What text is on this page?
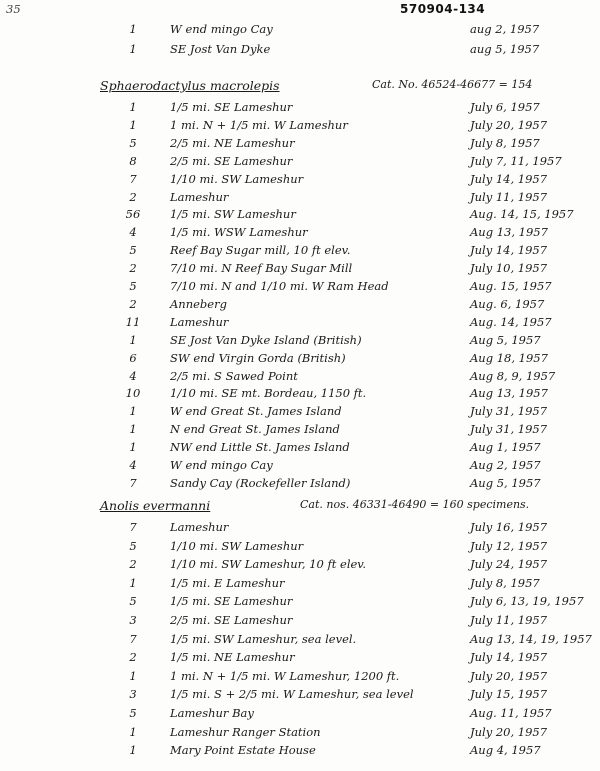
35	570904-134
1	W end mingo Cay	aug 2, 1957
1	SE Jost Van Dyke	aug 5, 1957
Sphaerodactylus macrolepis	Cat. No. 46524-46677 = 154
1	1/5 mi. SE Lameshur	July 6, 1957
1	1 mi. N + 1/5 mi. W Lameshur	July 20, 1957
5	2/5 mi. NE Lameshur	July 8, 1957
8	2/5 mi. SE Lameshur	July 7, 11, 1957
7	1/10 mi. SW Lameshur	July 14, 1957
2	Lameshur	July 11, 1957
56	1/5 mi. SW Lameshur	Aug. 14, 15, 1957
4	1/5 mi. WSW Lameshur	Aug 13, 1957
5	Reef Bay Sugar mill, 10 ft elev.	July 14, 1957
2	7/10 mi. N Reef Bay Sugar Mill	July 10, 1957
5	7/10 mi. N and 1/10 mi. W Ram Head	Aug. 15, 1957
2	Anneberg	Aug. 6, 1957
11	Lameshur	Aug. 14, 1957
1	SE Jost Van Dyke Island (British)	Aug 5, 1957
6	SW end Virgin Gorda (British)	Aug 18, 1957
4	2/5 mi. S Sawed Point	Aug 8, 9, 1957
10	1/10 mi. SE mt. Bordeau, 1150 ft.	Aug 13, 1957
1	W end Great St. James Island	July 31, 1957
1	N end Great St. James Island	July 31, 1957
1	NW end Little St. James Island	Aug 1, 1957
4	W end mingo Cay	Aug 2, 1957
7	Sandy Cay (Rockefeller Island)	Aug 5, 1957
Anolis evermanni	Cat. nos. 46331-46490 = 160 specimens.
7	Lameshur	July 16, 1957
5	1/10 mi. SW Lameshur	July 12, 1957
2	1/10 mi. SW Lameshur, 10 ft elev.	July 24, 1957
1	1/5 mi. E Lameshur	July 8, 1957
5	1/5 mi. SE Lameshur	July 6, 13, 19, 1957
3	2/5 mi. SE Lameshur	July 11, 1957
7	1/5 mi. SW Lameshur, sea level.	Aug 13, 14, 19, 1957
2	1/5 mi. NE Lameshur	July 14, 1957
1	1 mi. N + 1/5 mi. W Lameshur, 1200 ft.	July 20, 1957
3	1/5 mi. S + 2/5 mi. W Lameshur, sea level	July 15, 1957
5	Lameshur Bay	Aug. 11, 1957
1	Lameshur Ranger Station	July 20, 1957
1	Mary Point Estate House	Aug 4, 1957
